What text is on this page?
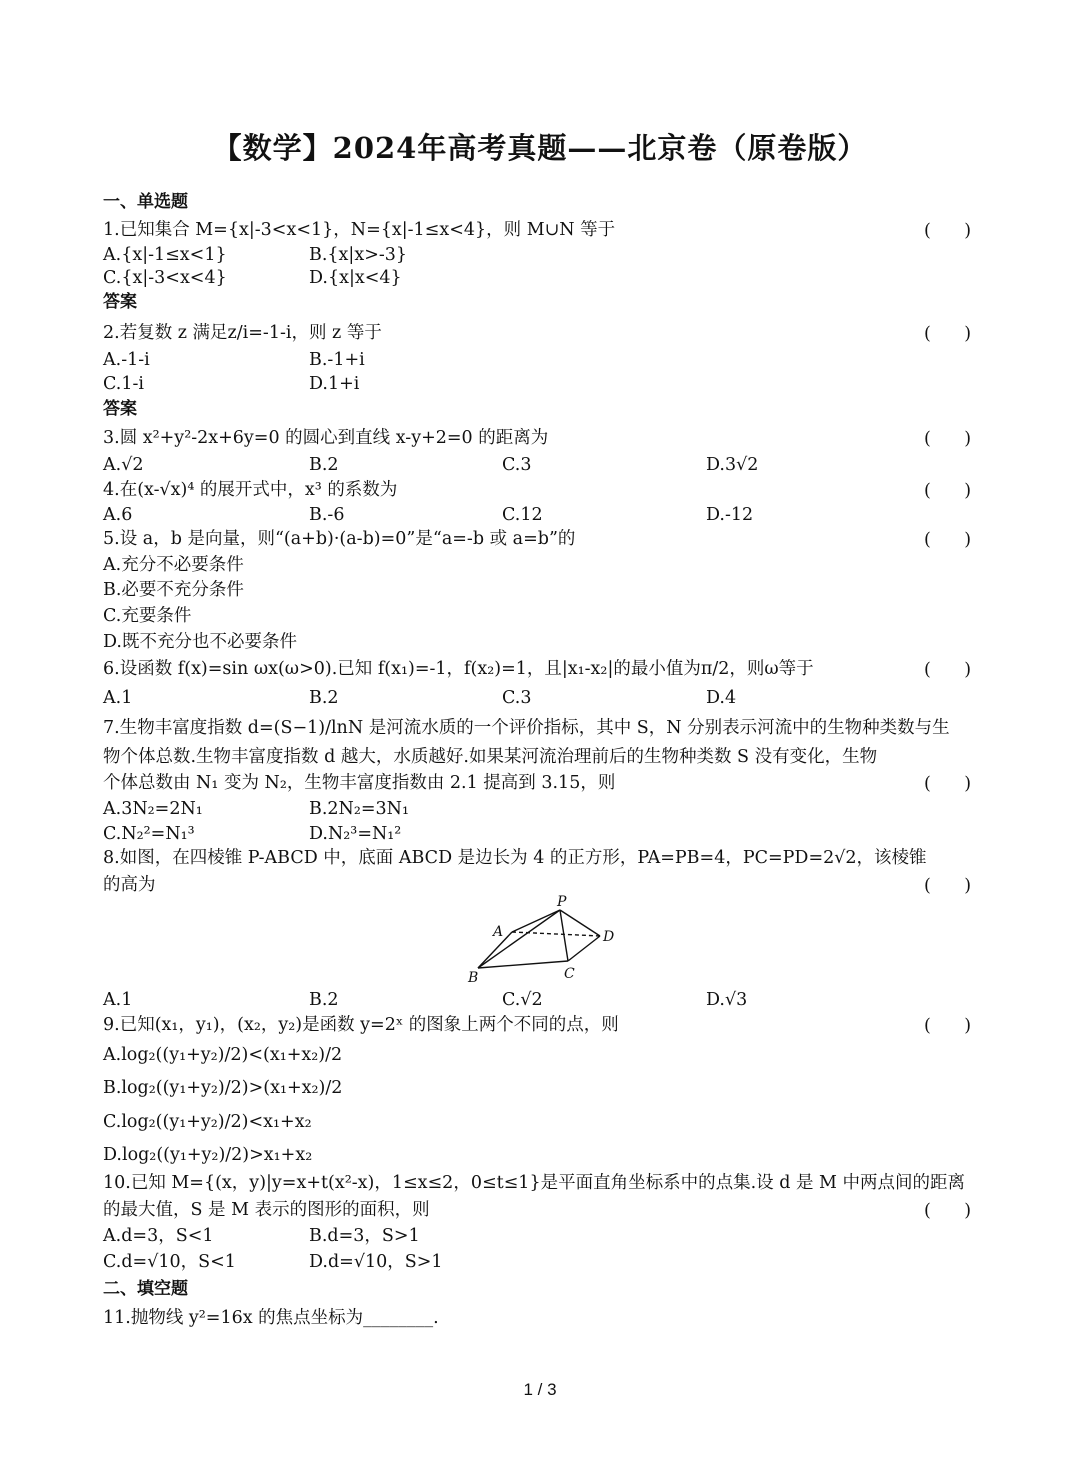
【数学】2024年高考真题——北京卷（原卷版）
一、单选题
1.已知集合 M={x|-3<x<1}，N={x|-1≤x<4}，则 M∪N 等于	(      )
A.{x|-1≤x<1}	B.{x|x>-3}
C.{x|-3<x<4}	D.{x|x<4}
答案
2.若复数 z 满足z/i=-1-i，则 z 等于	(      )
A.-1-i	B.-1+i
C.1-i	D.1+i
答案
3.圆 x²+y²-2x+6y=0 的圆心到直线 x-y+2=0 的距离为	(      )
A.√2	B.2	C.3	D.3√2
4.在(x-√x)⁴ 的展开式中，x³ 的系数为	(      )
A.6	B.-6	C.12	D.-12
5.设 a，b 是向量，则“(a+b)·(a-b)=0”是“a=-b 或 a=b”的	(      )
A.充分不必要条件
B.必要不充分条件
C.充要条件
D.既不充分也不必要条件
6.设函数 f(x)=sin ωx(ω>0).已知 f(x₁)=-1，f(x₂)=1，且|x₁-x₂|的最小值为π/2，则ω等于	(      )
A.1	B.2	C.3	D.4
7.生物丰富度指数 d=(S−1)/lnN 是河流水质的一个评价指标，其中 S，N 分别表示河流中的生物种类数与生
物个体总数.生物丰富度指数 d 越大，水质越好.如果某河流治理前后的生物种类数 S 没有变化，生物
个体总数由 N₁ 变为 N₂，生物丰富度指数由 2.1 提高到 3.15，则	(      )
A.3N₂=2N₁	B.2N₂=3N₁
C.N₂²=N₁³	D.N₂³=N₁²
8.如图，在四棱锥 P-ABCD 中，底面 ABCD 是边长为 4 的正方形，PA=PB=4，PC=PD=2√2，该棱锥
的高为	(      )
P
A
B	C
D
A.1	B.2	C.√2	D.√3
9.已知(x₁，y₁)，(x₂，y₂)是函数 y=2ˣ 的图象上两个不同的点，则	(      )
A.log₂((y₁+y₂)/2)<(x₁+x₂)/2
B.log₂((y₁+y₂)/2)>(x₁+x₂)/2
C.log₂((y₁+y₂)/2)<x₁+x₂
D.log₂((y₁+y₂)/2)>x₁+x₂
10.已知 M={(x，y)|y=x+t(x²-x)，1≤x≤2，0≤t≤1}是平面直角坐标系中的点集.设 d 是 M 中两点间的距离
的最大值，S 是 M 表示的图形的面积，则	(      )
A.d=3，S<1	B.d=3，S>1
C.d=√10，S<1	D.d=√10，S>1
二、填空题
11.抛物线 y²=16x 的焦点坐标为________.
1 / 3
